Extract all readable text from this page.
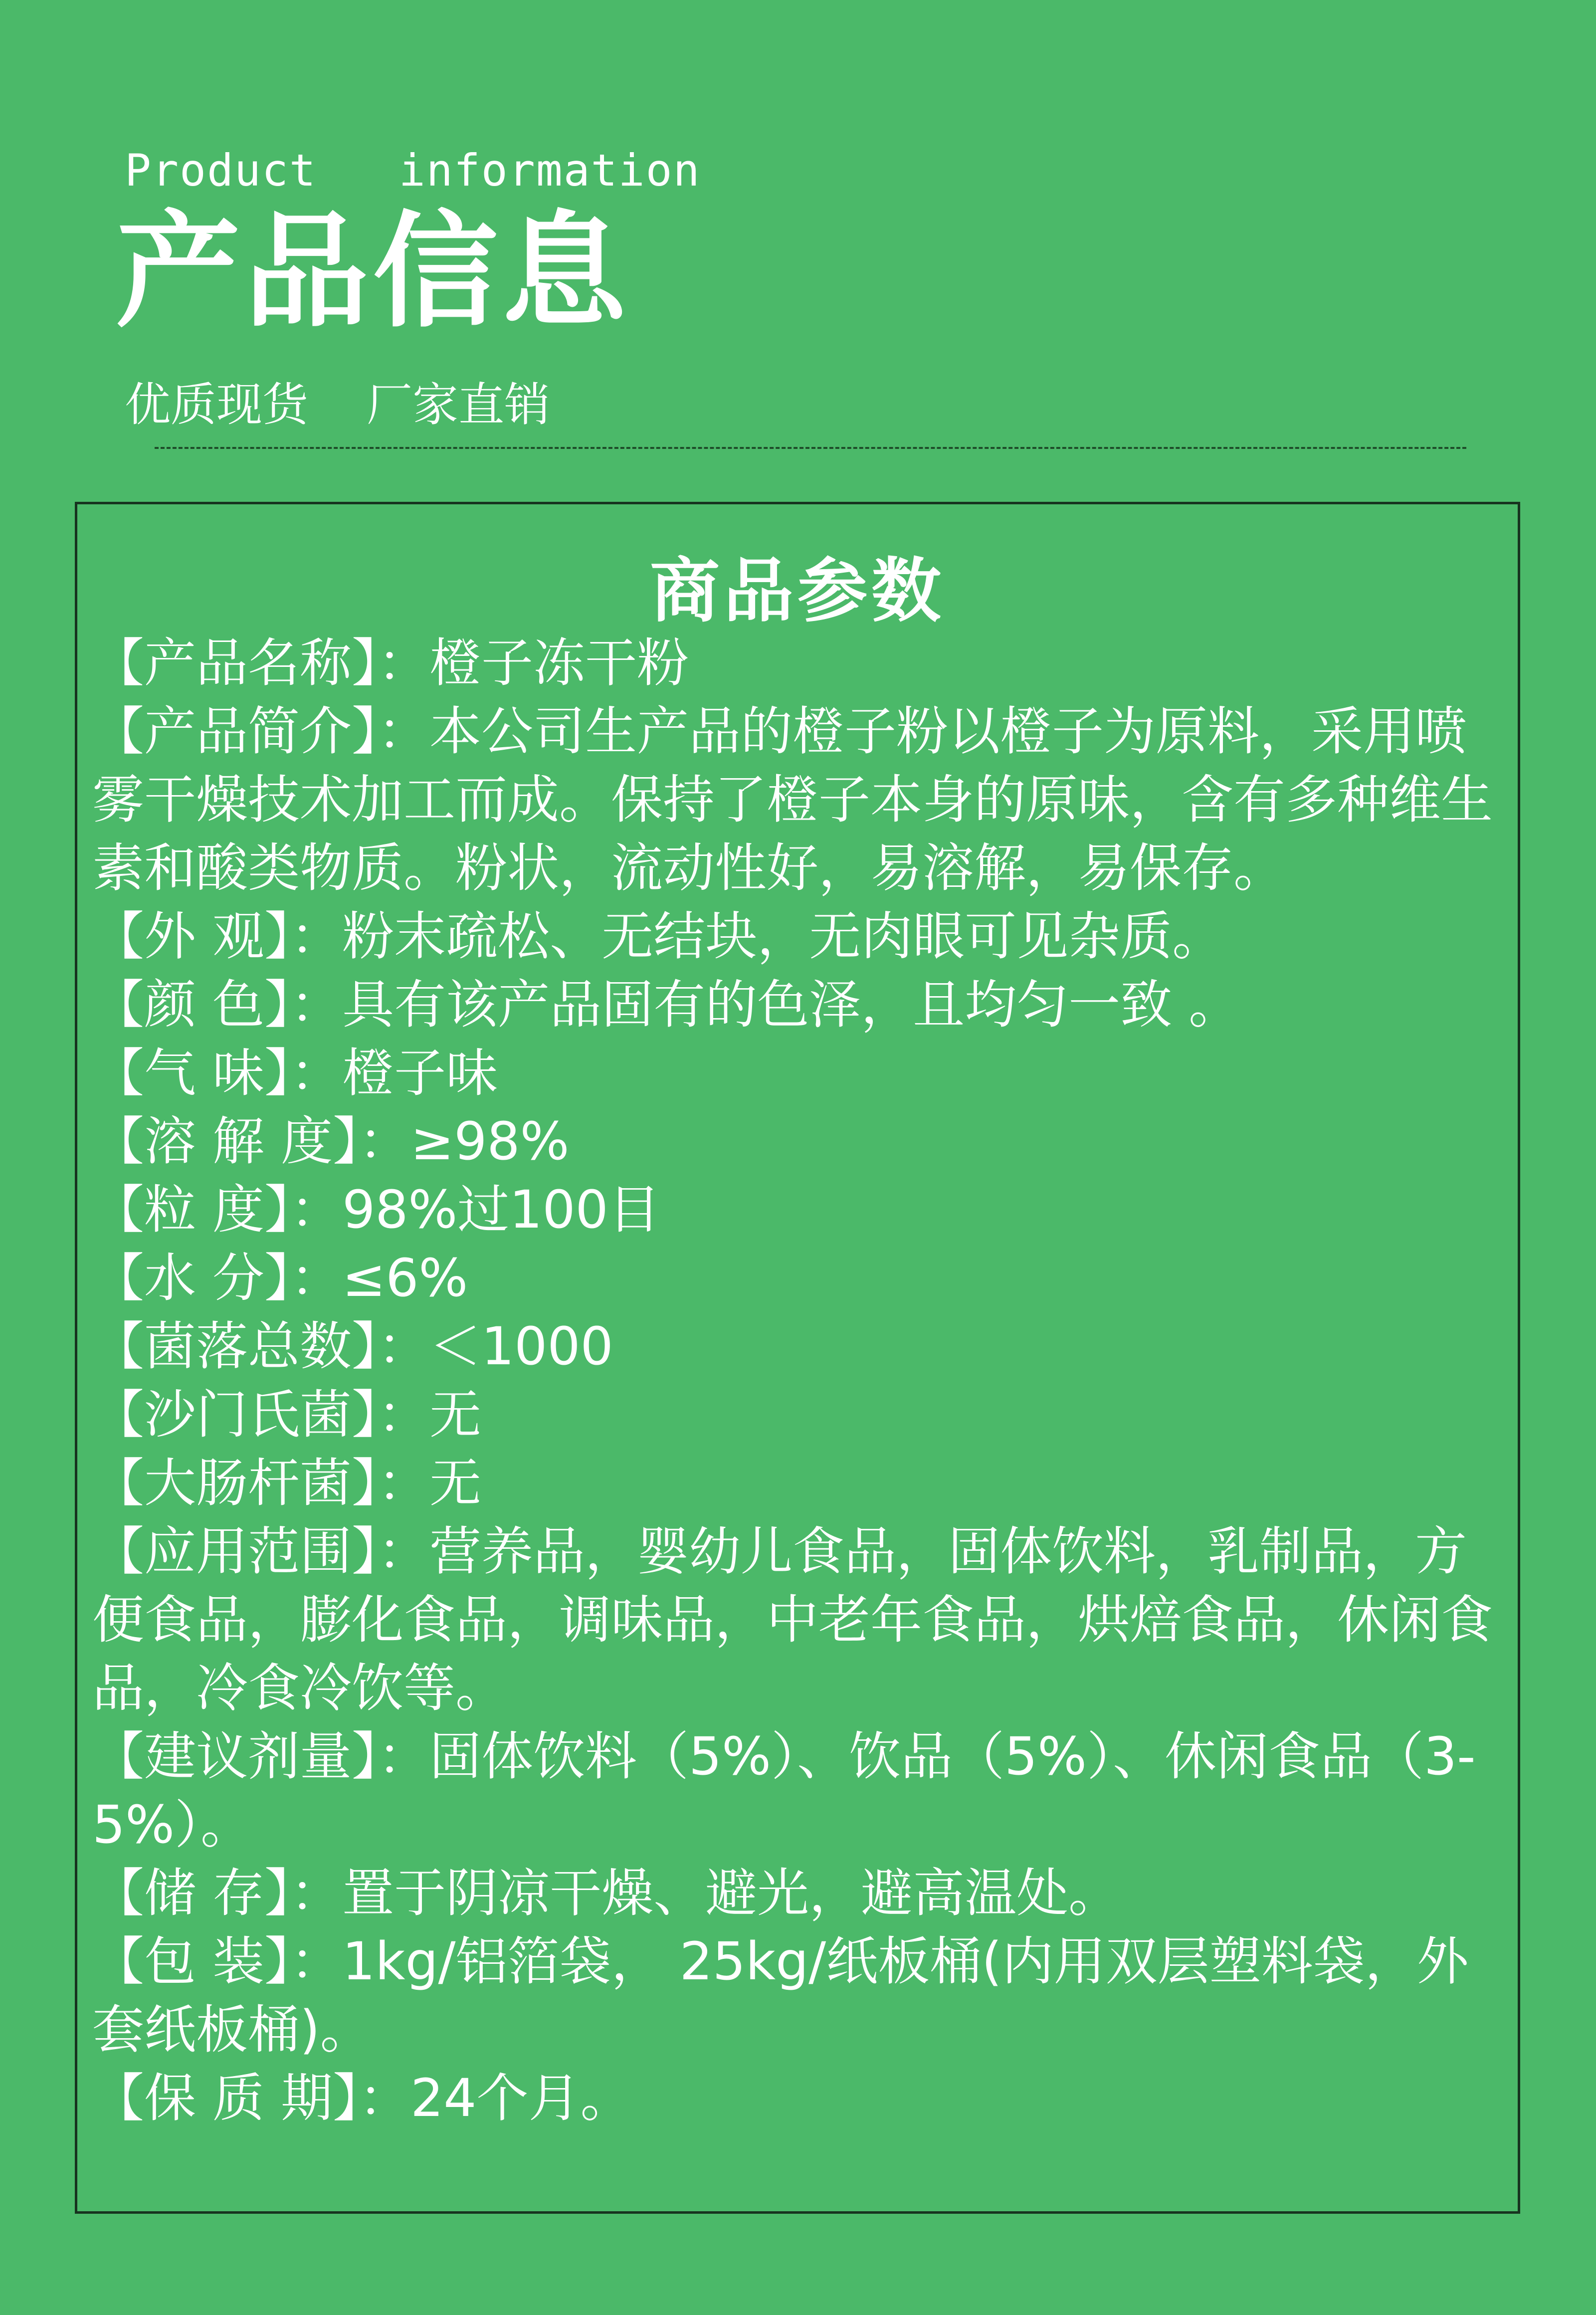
Product   information
产品信息
优质现货    厂家直销
商品参数
【产品名称】：橙子冻干粉
【产品简介】：本公司生产品的橙子粉以橙子为原料，采用喷雾干燥技术加工而成。保持了橙子本身的原味，含有多种维生素和酸类物质。粉状，流动性好，易溶解，易保存。
【外 观】：粉末疏松、无结块，无肉眼可见杂质。
【颜 色】：具有该产品固有的色泽，且均匀一致 。
【气 味】：橙子味
【溶 解 度】：≥98%
【粒 度】：98%过100目
【水 分】：≤6%
【菌落总数】：＜1000
【沙门氏菌】：无
【大肠杆菌】：无
【应用范围】：营养品，婴幼儿食品，固体饮料，乳制品，方便食品，膨化食品，调味品，中老年食品，烘焙食品，休闲食品，冷食冷饮等。
【建议剂量】：固体饮料（5%）、饮品（5%）、休闲食品（3-5%）。
【储 存】：置于阴凉干燥、避光，避高温处。
【包 装】：1kg/铝箔袋， 25kg/纸板桶(内用双层塑料袋，外套纸板桶)。
【保 质 期】：24个月。
